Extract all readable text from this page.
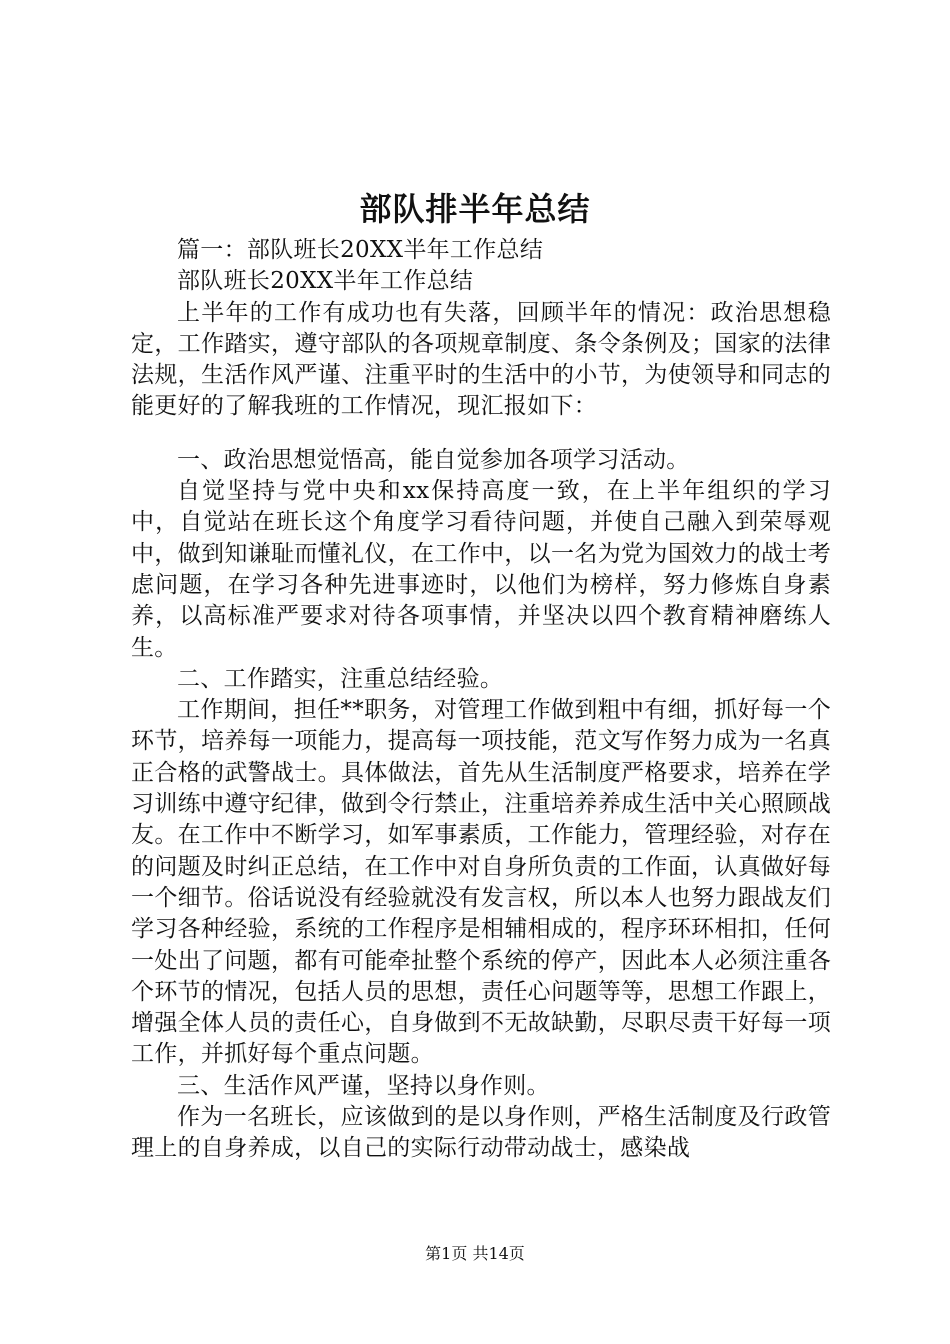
部队排半年总结

篇一：部队班长20XX半年工作总结

部队班长20XX半年工作总结

上半年的工作有成功也有失落，回顾半年的情况：政治思想稳定，工作踏实，遵守部队的各项规章制度、条令条例及；国家的法律法规，生活作风严谨、注重平时的生活中的小节，为使领导和同志的能更好的了解我班的工作情况，现汇报如下：

一、政治思想觉悟高，能自觉参加各项学习活动。

自觉坚持与党中央和xx保持高度一致，在上半年组织的学习中，自觉站在班长这个角度学习看待问题，并使自己融入到荣辱观中，做到知谦耻而懂礼仪，在工作中，以一名为党为国效力的战士考虑问题，在学习各种先进事迹时，以他们为榜样，努力修炼自身素养，以高标准严要求对待各项事情，并坚决以四个教育精神磨练人生。

二、工作踏实，注重总结经验。

工作期间，担任**职务，对管理工作做到粗中有细，抓好每一个环节，培养每一项能力，提高每一项技能，范文写作努力成为一名真正合格的武警战士。具体做法，首先从生活制度严格要求，培养在学习训练中遵守纪律，做到令行禁止，注重培养养成生活中关心照顾战友。在工作中不断学习，如军事素质，工作能力，管理经验，对存在的问题及时纠正总结，在工作中对自身所负责的工作面，认真做好每一个细节。俗话说没有经验就没有发言权，所以本人也努力跟战友们学习各种经验，系统的工作程序是相辅相成的，程序环环相扣，任何一处出了问题，都有可能牵扯整个系统的停产，因此本人必须注重各个环节的情况，包括人员的思想，责任心问题等等，思想工作跟上，增强全体人员的责任心，自身做到不无故缺勤，尽职尽责干好每一项工作，并抓好每个重点问题。

三、生活作风严谨，坚持以身作则。

作为一名班长，应该做到的是以身作则，严格生活制度及行政管理上的自身养成，以自己的实际行动带动战士，感染战

第1页 共14页
